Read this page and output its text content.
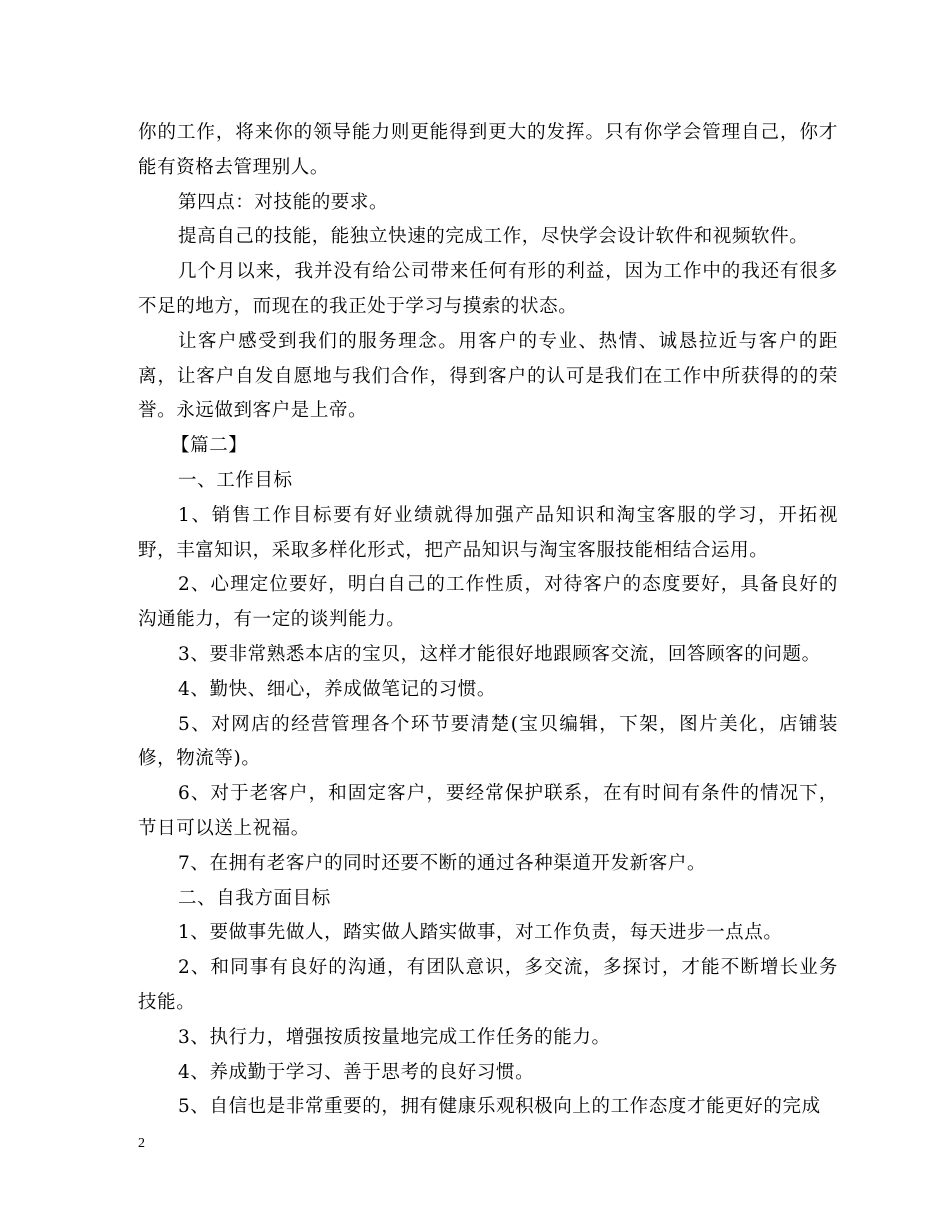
你的工作，将来你的领导能力则更能得到更大的发挥。只有你学会管理自己，你才能有资格去管理别人。

第四点：对技能的要求。

提高自己的技能，能独立快速的完成工作，尽快学会设计软件和视频软件。

几个月以来，我并没有给公司带来任何有形的利益，因为工作中的我还有很多不足的地方，而现在的我正处于学习与摸索的状态。

让客户感受到我们的服务理念。用客户的专业、热情、诚恳拉近与客户的距离，让客户自发自愿地与我们合作，得到客户的认可是我们在工作中所获得的的荣誉。永远做到客户是上帝。

【篇二】

一、工作目标

1、销售工作目标要有好业绩就得加强产品知识和淘宝客服的学习，开拓视野，丰富知识，采取多样化形式，把产品知识与淘宝客服技能相结合运用。

2、心理定位要好，明白自己的工作性质，对待客户的态度要好，具备良好的沟通能力，有一定的谈判能力。

3、要非常熟悉本店的宝贝，这样才能很好地跟顾客交流，回答顾客的问题。

4、勤快、细心，养成做笔记的习惯。

5、对网店的经营管理各个环节要清楚(宝贝编辑，下架，图片美化，店铺装修，物流等)。

6、对于老客户，和固定客户，要经常保护联系，在有时间有条件的情况下，节日可以送上祝福。

7、在拥有老客户的同时还要不断的通过各种渠道开发新客户。

二、自我方面目标

1、要做事先做人，踏实做人踏实做事，对工作负责，每天进步一点点。

2、和同事有良好的沟通，有团队意识，多交流，多探讨，才能不断增长业务技能。

3、执行力，增强按质按量地完成工作任务的能力。

4、养成勤于学习、善于思考的良好习惯。

5、自信也是非常重要的，拥有健康乐观积极向上的工作态度才能更好的完成

2
